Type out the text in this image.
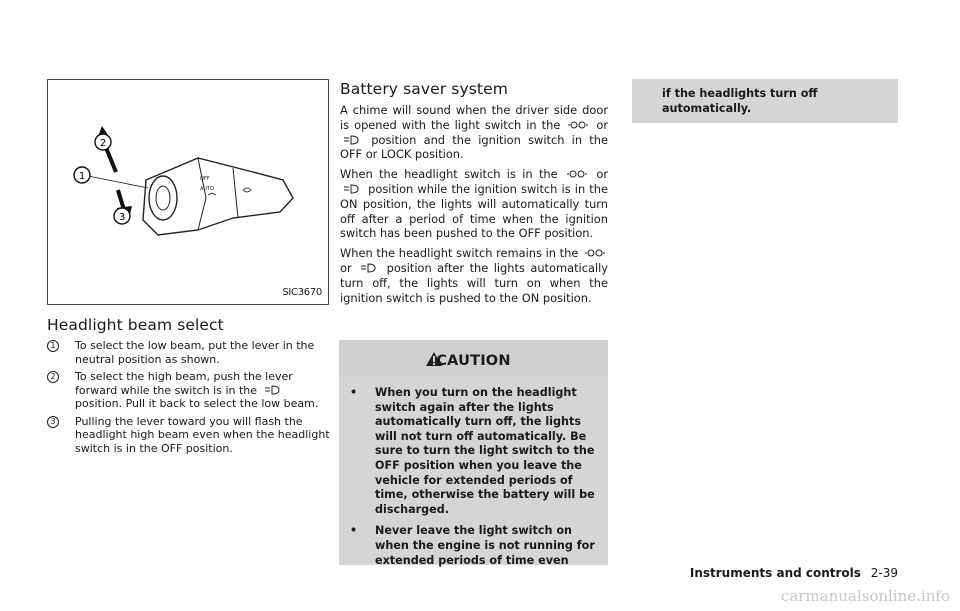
OFF
AUTO
1
2
3
SIC3670
Headlight beam select
1	To select the low beam, put the lever in the neutral position as shown.
2	To select the high beam, push the lever forward while the switch is in the  position. Pull it back to select the low beam.
3	Pulling the lever toward you will flash the headlight high beam even when the headlight switch is in the OFF position.
Battery saver system

A chime will sound when the driver side door is opened with the light switch in the	or  position and the ignition switch in the OFF or LOCK position.

When the headlight switch is in the	or  position while the ignition switch is in the ON position, the lights will automatically turn off after a period of time when the ignition switch has been pushed to the OFF position.

When the headlight switch remains in the  or	position after the lights automatically turn off, the lights will turn on when the ignition switch is pushed to the ON position.

CAUTION
• When you turn on the headlight switch again after the lights automatically turn off, the lights will not turn off automatically. Be sure to turn the light switch to the OFF position when you leave the vehicle for extended periods of time, otherwise the battery will be discharged.
• Never leave the light switch on when the engine is not running for extended periods of time even
if the headlights turn off automatically.
Instruments and controls 2-39
carmanualsonline.info
